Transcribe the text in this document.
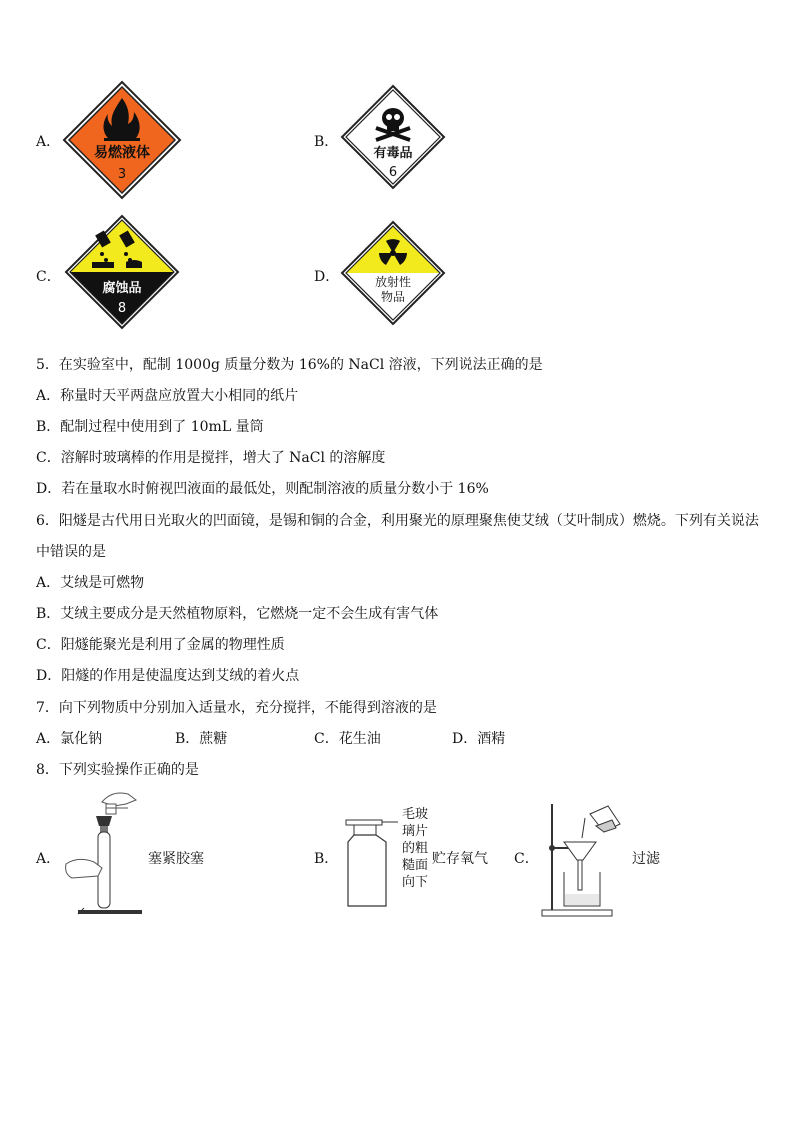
A．
易燃液体
3
B．
有毒品
6
C．
腐蚀品
8
D．	放射性
物品
5．在实验室中，配制 1000g 质量分数为 16%的 NaCl 溶液，下列说法正确的是
A．称量时天平两盘应放置大小相同的纸片
B．配制过程中使用到了 10mL 量筒
C．溶解时玻璃棒的作用是搅拌，增大了 NaCl 的溶解度
D．若在量取水时俯视凹液面的最低处，则配制溶液的质量分数小于 16%
6．阳燧是古代用日光取火的凹面镜，是锡和铜的合金，利用聚光的原理聚焦使艾绒（艾叶制成）燃烧。下列有关说法
中错误的是
A．艾绒是可燃物
B．艾绒主要成分是天然植物原料，它燃烧一定不会生成有害气体
C．阳燧能聚光是利用了金属的物理性质
D．阳燧的作用是使温度达到艾绒的着火点
7．向下列物质中分别加入适量水，充分搅拌，不能得到溶液的是
A．氯化钠	B．蔗糖	C．花生油	D．酒精
8．下列实验操作正确的是
A．	塞紧胶塞	B．
毛玻
璃片
的粗
糙面
向下
贮存氧气 C．	过滤
